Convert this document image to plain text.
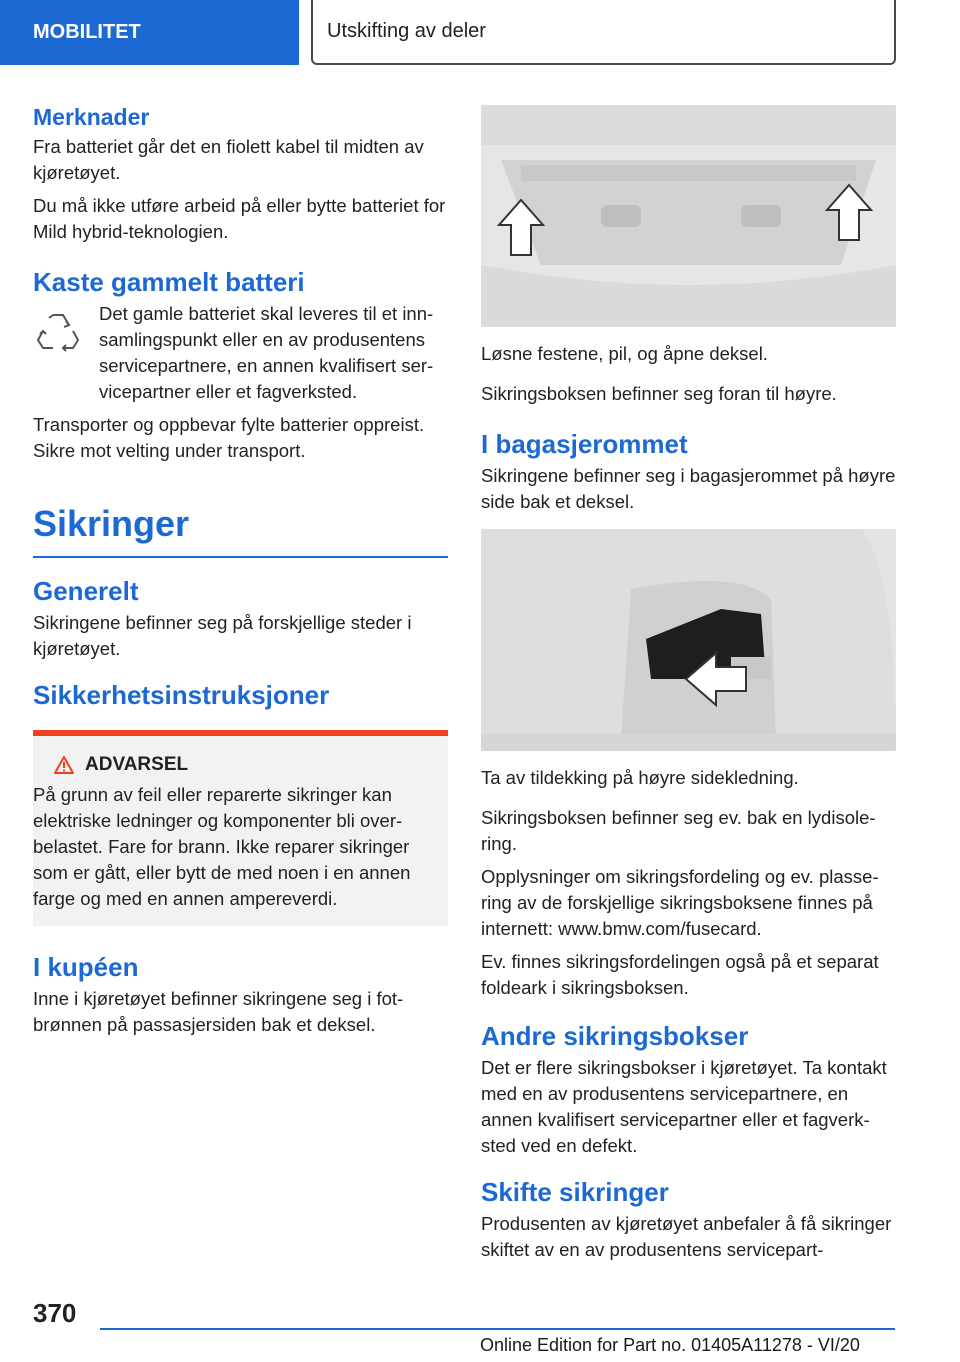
MOBILITET	Utskifting av deler
Merknader

Fra batteriet går det en fiolett kabel til midten av kjøretøyet.

Du må ikke utføre arbeid på eller bytte batteriet for Mild hybrid-teknologien.

Kaste gammelt batteri

Det gamle batteriet skal leveres til et innsamlingspunkt eller en av produsentens servicepartnere, en annen kvalifisert servicepartner eller et fagverksted.

Transporter og oppbevar fylte batterier oppreist. Sikre mot velting under transport.

Sikringer
Generelt

Sikringene befinner seg på forskjellige steder i kjøretøyet.

Sikkerhetsinstruksjoner
ADVARSEL

På grunn av feil eller reparerte sikringer kan elektriske ledninger og komponenter bli overbelastet. Fare for brann. Ikke reparer sikringer som er gått, eller bytt de med noen i en annen farge og med en annen ampereverdi.

I kupéen

Inne i kjøretøyet befinner sikringene seg i fotbrønnen på passasjersiden bak et deksel.

Løsne festene, pil, og åpne deksel.

Sikringsboksen befinner seg foran til høyre.

I bagasjerommet

Sikringene befinner seg i bagasjerommet på høyre side bak et deksel.

Ta av tildekking på høyre sidekledning.

Sikringsboksen befinner seg ev. bak en lydisolering.

Opplysninger om sikringsfordeling og ev. plassering av de forskjellige sikringsboksene finnes på internett: www.bmw.com/fusecard.

Ev. finnes sikringsfordelingen også på et separat foldeark i sikringsboksen.

Andre sikringsbokser

Det er flere sikringsbokser i kjøretøyet. Ta kontakt med en av produsentens servicepartnere, en annen kvalifisert servicepartner eller et fagverksted ved en defekt.

Skifte sikringer

Produsenten av kjøretøyet anbefaler å få sikringer skiftet av en av produsentens servicepart-

370
Online Edition for Part no. 01405A11278 - VI/20
